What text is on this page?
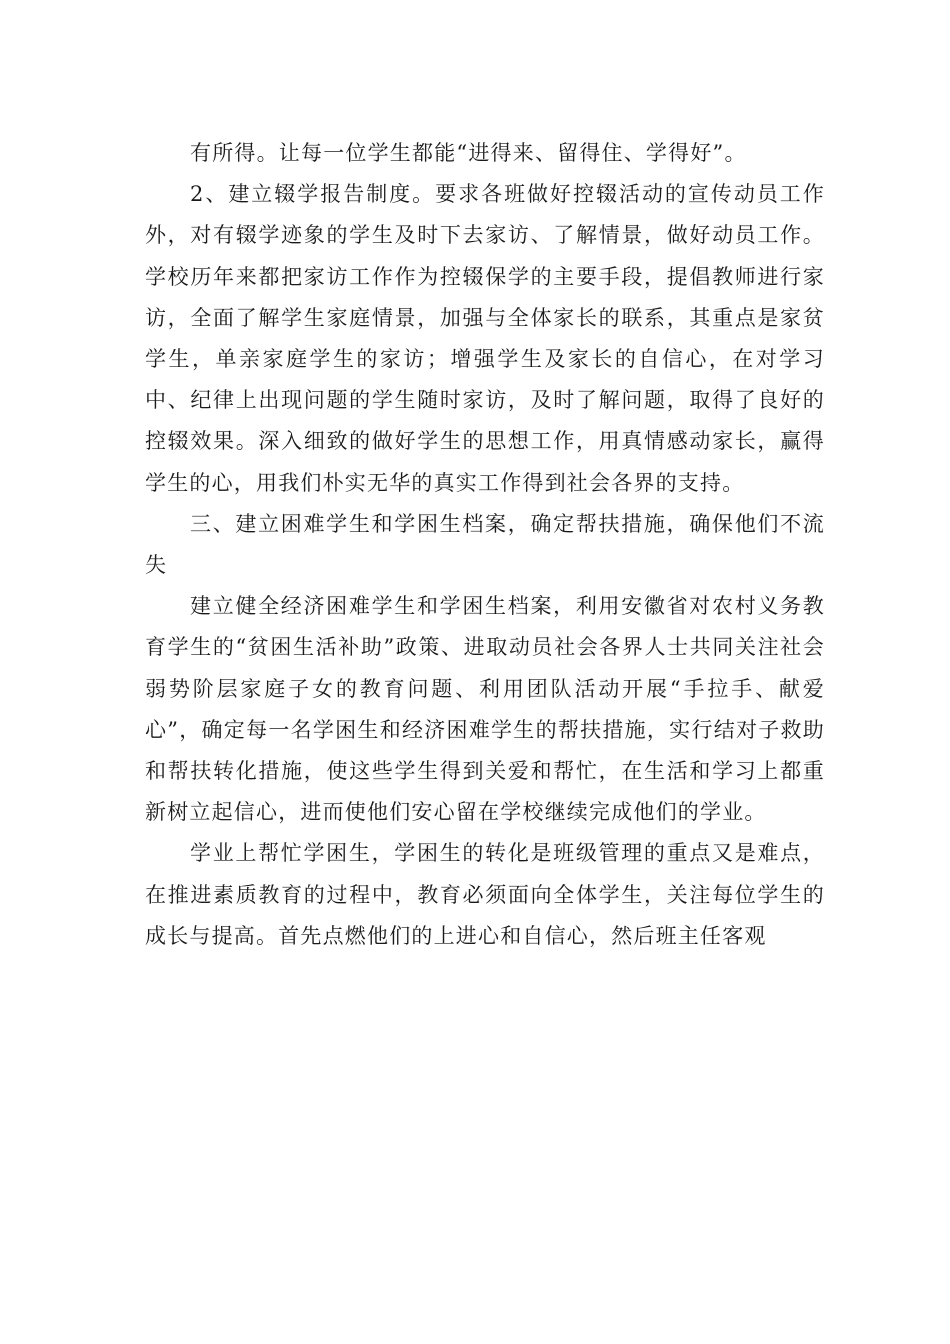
有所得。让每一位学生都能“进得来、留得住、学得好”。

2、建立辍学报告制度。要求各班做好控辍活动的宣传动员工作外，对有辍学迹象的学生及时下去家访、了解情景，做好动员工作。学校历年来都把家访工作作为控辍保学的主要手段，提倡教师进行家访，全面了解学生家庭情景，加强与全体家长的联系，其重点是家贫学生，单亲家庭学生的家访；增强学生及家长的自信心，在对学习中、纪律上出现问题的学生随时家访，及时了解问题，取得了良好的控辍效果。深入细致的做好学生的思想工作，用真情感动家长，赢得学生的心，用我们朴实无华的真实工作得到社会各界的支持。

三、建立困难学生和学困生档案，确定帮扶措施，确保他们不流失

建立健全经济困难学生和学困生档案，利用安徽省对农村义务教育学生的“贫困生活补助”政策、进取动员社会各界人士共同关注社会弱势阶层家庭子女的教育问题、利用团队活动开展“手拉手、献爱心”，确定每一名学困生和经济困难学生的帮扶措施，实行结对子救助和帮扶转化措施，使这些学生得到关爱和帮忙，在生活和学习上都重新树立起信心，进而使他们安心留在学校继续完成他们的学业。

学业上帮忙学困生，学困生的转化是班级管理的重点又是难点，在推进素质教育的过程中，教育必须面向全体学生，关注每位学生的成长与提高。首先点燃他们的上进心和自信心，然后班主任客观
